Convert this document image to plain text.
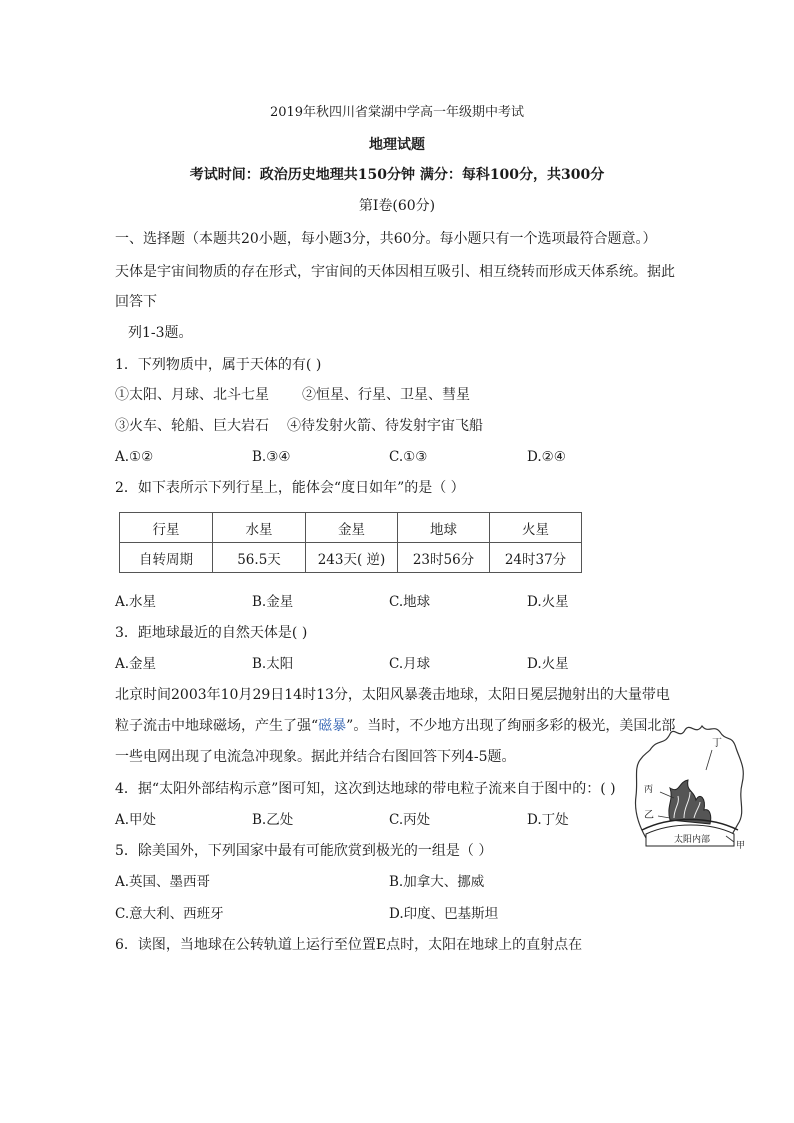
2019年秋四川省棠湖中学高一年级期中考试
地理试题
考试时间：政治历史地理共150分钟 满分：每科100分，共300分
第Ⅰ卷(60分)
一、选择题（本题共20小题，每小题3分，共60分。每小题只有一个选项最符合题意。）
天体是宇宙间物质的存在形式，宇宙间的天体因相互吸引、相互绕转而形成天体系统。据此
回答下
列1-3题。
1．下列物质中，属于天体的有( )
①太阳、月球、北斗七星 ②恒星、行星、卫星、彗星
③火车、轮船、巨大岩石 ④待发射火箭、待发射宇宙飞船
A.①②	B.③④	C.①③	D.②④
2．如下表所示下列行星上，能体会“度日如年”的是（ ）
行星	水星	金星	地球	火星
自转周期	56.5天	243天( 逆)	23时56分	24时37分
A.水星	B.金星	C.地球	D.火星
3．距地球最近的自然天体是( )
A.金星	B.太阳	C.月球	D.火星
北京时间2003年10月29日14时13分，太阳风暴袭击地球，太阳日冕层抛射出的大量带电
粒子流击中地球磁场，产生了强“磁暴”。当时，不少地方出现了绚丽多彩的极光，美国北部
一些电网出现了电流急冲现象。据此并结合右图回答下列4-5题。
4．据“太阳外部结构示意”图可知，这次到达地球的带电粒子流来自于图中的：( )
A.甲处	B.乙处	C.丙处	D.丁处
丁
丙
乙
甲
太阳内部
5．除美国外，下列国家中最有可能欣赏到极光的一组是（ ）
A.英国、墨西哥	B.加拿大、挪威
C.意大利、西班牙	D.印度、巴基斯坦
6．读图，当地球在公转轨道上运行至位置E点时，太阳在地球上的直射点在
